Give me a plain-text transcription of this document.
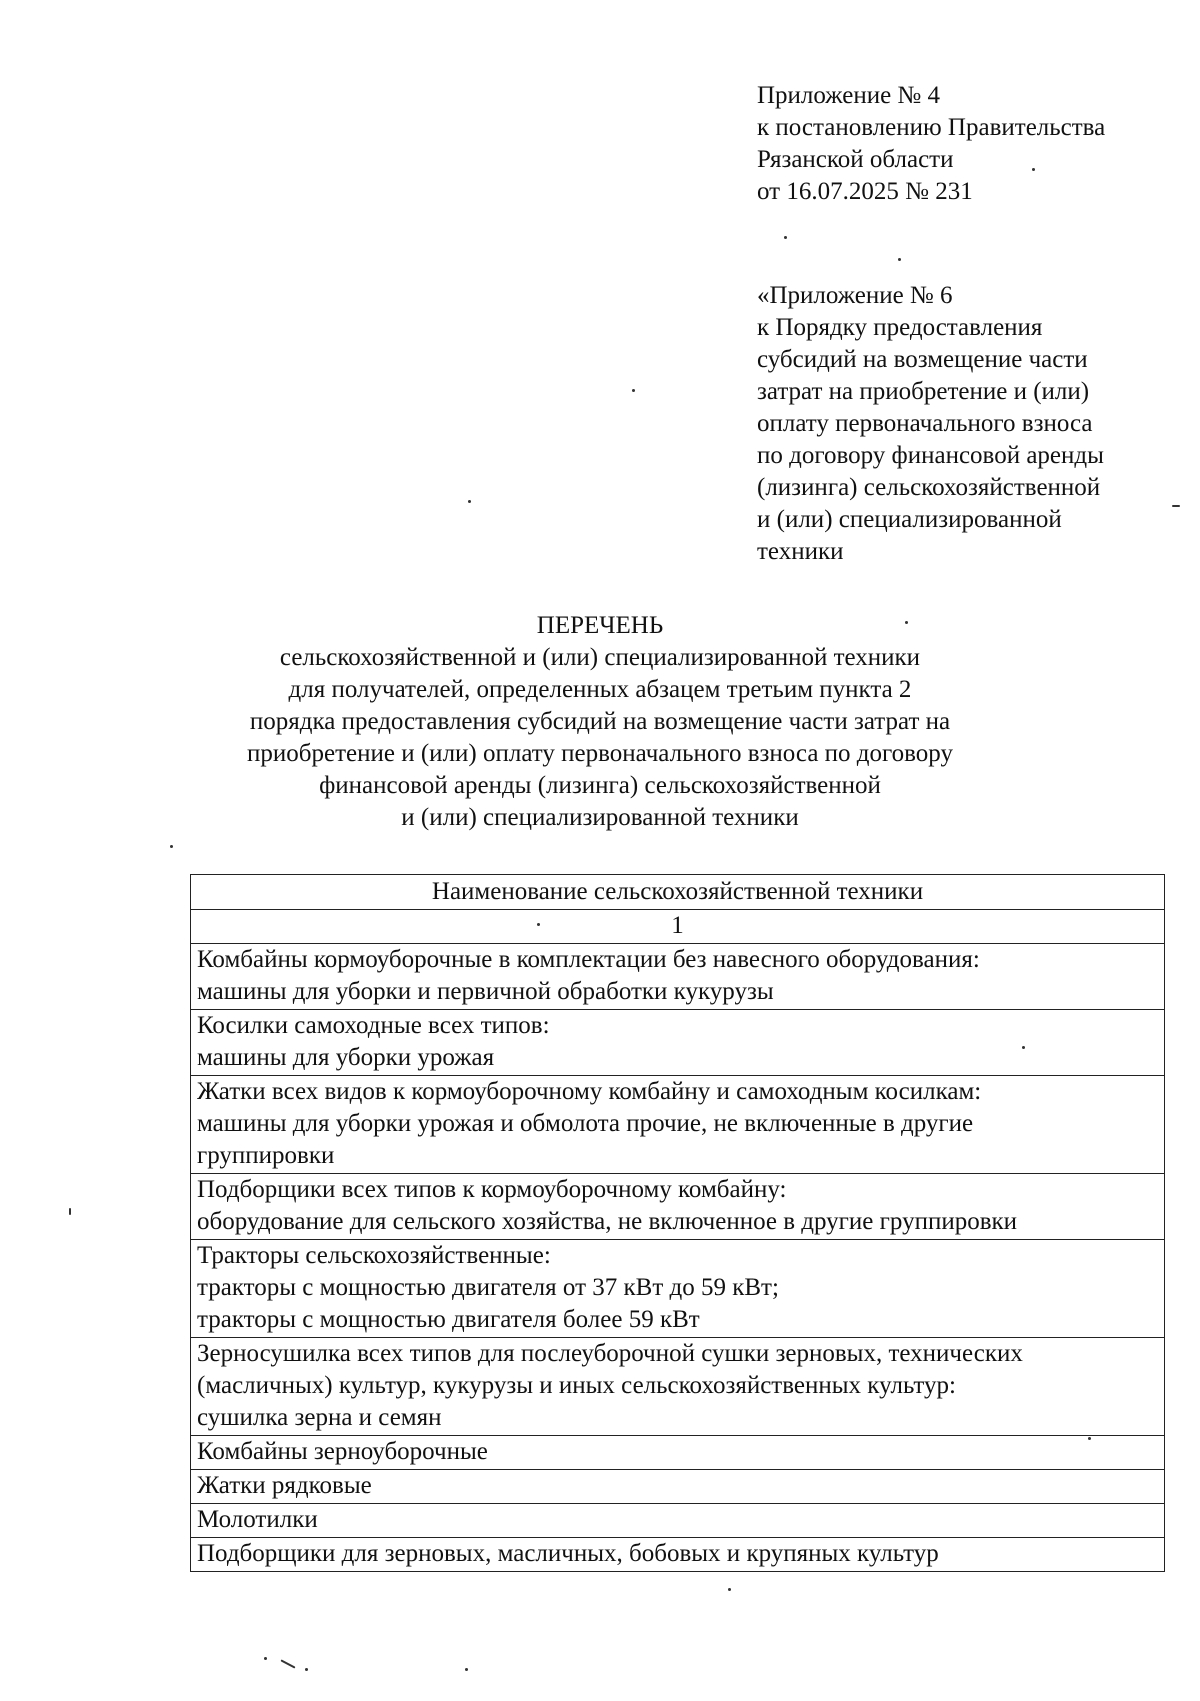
Приложение № 4
к постановлению Правительства
Рязанской области
от 16.07.2025 № 231
«Приложение № 6
к Порядку предоставления
субсидий на возмещение части
затрат на приобретение и (или)
оплату первоначального взноса
по договору финансовой аренды
(лизинга) сельскохозяйственной
и (или) специализированной
техники
ПЕРЕЧЕНЬ
сельскохозяйственной и (или) специализированной техники
для получателей, определенных абзацем третьим пункта 2
порядка предоставления субсидий на возмещение части затрат на
приобретение и (или) оплату первоначального взноса по договору
финансовой аренды (лизинга) сельскохозяйственной
и (или) специализированной техники
Наименование сельскохозяйственной техники
1

Комбайны кормоуборочные в комплектации без навесного оборудования:
машины для уборки и первичной обработки кукурузы

Косилки самоходные всех типов:
машины для уборки урожая

Жатки всех видов к кормоуборочному комбайну и самоходным косилкам:
машины для уборки урожая и обмолота прочие, не включенные в другие
группировки

Подборщики всех типов к кормоуборочному комбайну:
оборудование для сельского хозяйства, не включенное в другие группировки

Тракторы сельскохозяйственные:
тракторы с мощностью двигателя от 37 кВт до 59 кВт;
тракторы с мощностью двигателя более 59 кВт

Зерносушилка всех типов для послеуборочной сушки зерновых, технических
(масличных) культур, кукурузы и иных сельскохозяйственных культур:
сушилка зерна и семян

Комбайны зерноуборочные

Жатки рядковые

Молотилки

Подборщики для зерновых, масличных, бобовых и крупяных культур
